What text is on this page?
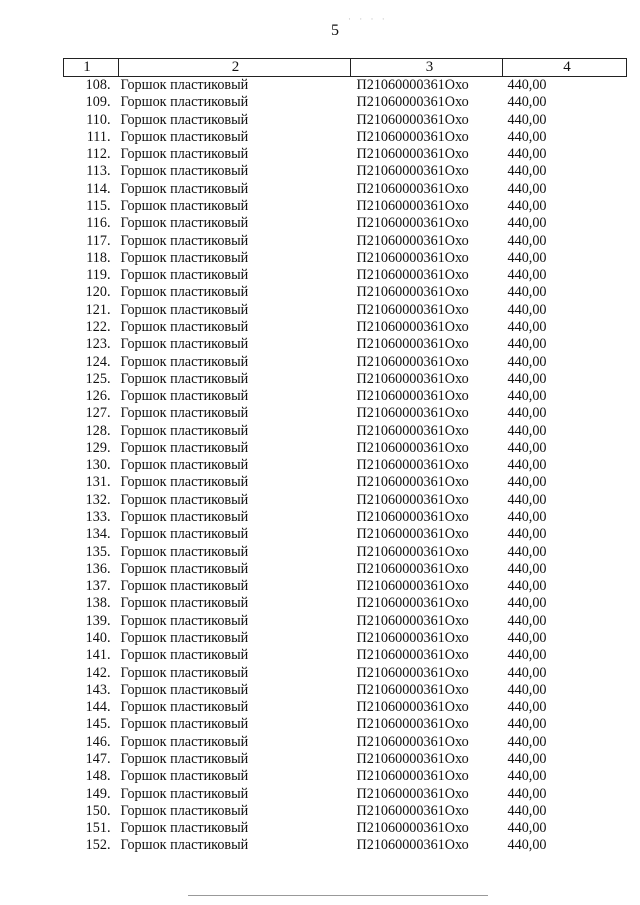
· · · ·
5
1	2	3	4
108.	Горшок пластиковый	П21060000361Охо	440,00
109.	Горшок пластиковый	П21060000361Охо	440,00
110.	Горшок пластиковый	П21060000361Охо	440,00
111.	Горшок пластиковый	П21060000361Охо	440,00
112.	Горшок пластиковый	П21060000361Охо	440,00
113.	Горшок пластиковый	П21060000361Охо	440,00
114.	Горшок пластиковый	П21060000361Охо	440,00
115.	Горшок пластиковый	П21060000361Охо	440,00
116.	Горшок пластиковый	П21060000361Охо	440,00
117.	Горшок пластиковый	П21060000361Охо	440,00
118.	Горшок пластиковый	П21060000361Охо	440,00
119.	Горшок пластиковый	П21060000361Охо	440,00
120.	Горшок пластиковый	П21060000361Охо	440,00
121.	Горшок пластиковый	П21060000361Охо	440,00
122.	Горшок пластиковый	П21060000361Охо	440,00
123.	Горшок пластиковый	П21060000361Охо	440,00
124.	Горшок пластиковый	П21060000361Охо	440,00
125.	Горшок пластиковый	П21060000361Охо	440,00
126.	Горшок пластиковый	П21060000361Охо	440,00
127.	Горшок пластиковый	П21060000361Охо	440,00
128.	Горшок пластиковый	П21060000361Охо	440,00
129.	Горшок пластиковый	П21060000361Охо	440,00
130.	Горшок пластиковый	П21060000361Охо	440,00
131.	Горшок пластиковый	П21060000361Охо	440,00
132.	Горшок пластиковый	П21060000361Охо	440,00
133.	Горшок пластиковый	П21060000361Охо	440,00
134.	Горшок пластиковый	П21060000361Охо	440,00
135.	Горшок пластиковый	П21060000361Охо	440,00
136.	Горшок пластиковый	П21060000361Охо	440,00
137.	Горшок пластиковый	П21060000361Охо	440,00
138.	Горшок пластиковый	П21060000361Охо	440,00
139.	Горшок пластиковый	П21060000361Охо	440,00
140.	Горшок пластиковый	П21060000361Охо	440,00
141.	Горшок пластиковый	П21060000361Охо	440,00
142.	Горшок пластиковый	П21060000361Охо	440,00
143.	Горшок пластиковый	П21060000361Охо	440,00
144.	Горшок пластиковый	П21060000361Охо	440,00
145.	Горшок пластиковый	П21060000361Охо	440,00
146.	Горшок пластиковый	П21060000361Охо	440,00
147.	Горшок пластиковый	П21060000361Охо	440,00
148.	Горшок пластиковый	П21060000361Охо	440,00
149.	Горшок пластиковый	П21060000361Охо	440,00
150.	Горшок пластиковый	П21060000361Охо	440,00
151.	Горшок пластиковый	П21060000361Охо	440,00
152.	Горшок пластиковый	П21060000361Охо	440,00
